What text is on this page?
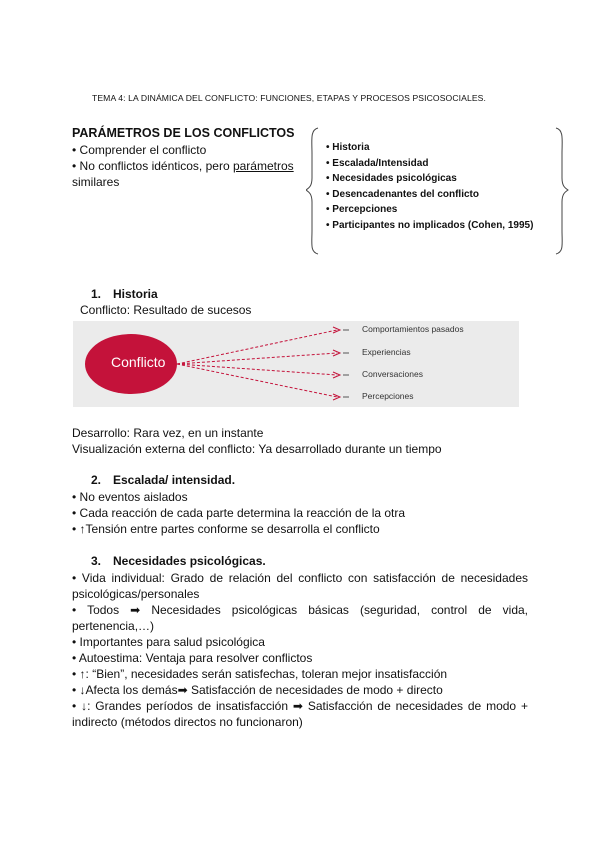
TEMA 4: LA DINÁMICA DEL CONFLICTO: FUNCIONES, ETAPAS Y PROCESOS PSICOSOCIALES.
PARÁMETROS DE LOS CONFLICTOS
• Comprender el conflicto
• No conflictos idénticos, pero parámetros
similares
• Historia
• Escalada/Intensidad
• Necesidades psicológicas
• Desencadenantes del conflicto
• Percepciones
• Participantes no implicados (Cohen, 1995)
1. Historia
Conflicto: Resultado de sucesos
Conflicto
Comportamientos pasados
Experiencias
Conversaciones
Percepciones
Desarrollo: Rara vez, en un instante
Visualización externa del conflicto: Ya desarrollado durante un tiempo
2. Escalada/ intensidad.
• No eventos aislados
• Cada reacción de cada parte determina la reacción de la otra
• ↑Tensión entre partes conforme se desarrolla el conflicto
3. Necesidades psicológicas.
• Vida individual: Grado de relación del conflicto con satisfacción de necesidades
psicológicas/personales
• Todos ➡ Necesidades psicológicas básicas (seguridad, control de vida,
pertenencia,…)
• Importantes para salud psicológica
• Autoestima: Ventaja para resolver conflictos
• ↑: “Bien”, necesidades serán satisfechas, toleran mejor insatisfacción
• ↓Afecta los demás➡ Satisfacción de necesidades de modo + directo
• ↓: Grandes períodos de insatisfacción ➡ Satisfacción de necesidades de modo +
indirecto (métodos directos no funcionaron)
